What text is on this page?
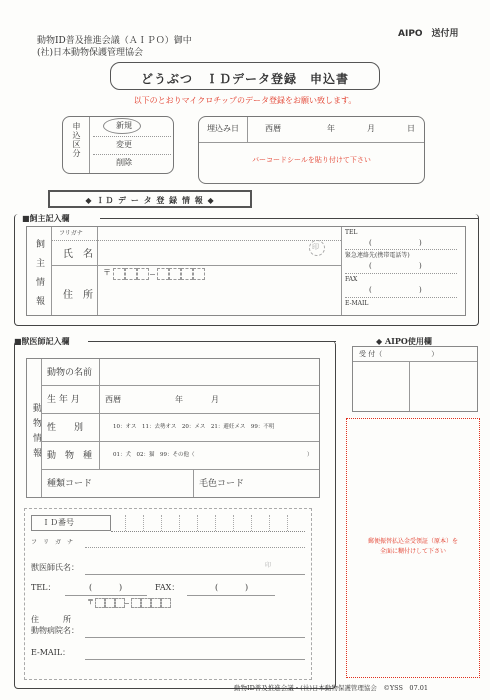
動物ID普及推進会議（ＡＩＰＯ）御中
(社)日本動物保護管理協会
AIPO　送付用
どうぶつ　ＩＤデータ登録　申込書
以下のとおりマイクロチップのデータ登録をお願い致します。
申込区分	新規
変更
削除
埋込み日	西暦	年	月	日
バーコードシールを貼り付けて下さい
◆ ＩＤ デ ー タ 登 録 情 報 ◆
■飼主記入欄
飼主情報
フリガナ
氏　名
印
〒
住　所
TEL
(	)
緊急連絡先(携帯電話等)
(	)
FAX
(	)
E-MAIL
■獣医師記入欄
動物情報
動物の名前
生 年 月	西暦	年	月
性　　別	10：オス　11：去勢オス　20：メス　21：避妊メス　99：不明
動　物　種	01：犬　02：猫　99：その他（	）
種類コード	毛色コード
ＩＤ番号
フ　リ　ガ　ナ
獣医師氏名：	印
TEL：	(	)	FAX：	(	)
〒
住　　　所
動物病院名：
E-MAIL：
◆ AIPO使用欄
受 付（　　　　　　　）
郵便振替払込金受領証（原本）を
全面に糊付けして下さい
動物ID普及推進会議・(社)日本動物保護管理協会　©YSS　07.01
